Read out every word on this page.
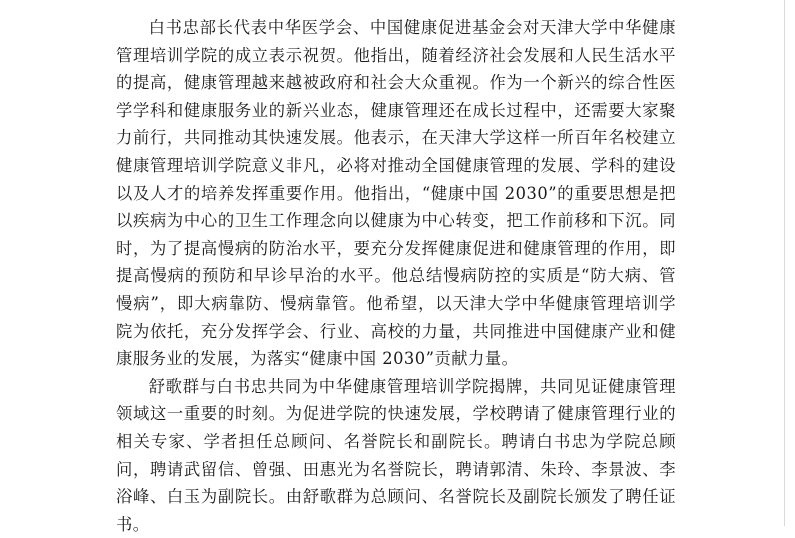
白书忠部长代表中华医学会、中国健康促进基金会对天津大学中华健康管理培训学院的成立表示祝贺。他指出，随着经济社会发展和人民生活水平的提高，健康管理越来越被政府和社会大众重视。作为一个新兴的综合性医学学科和健康服务业的新兴业态，健康管理还在成长过程中，还需要大家聚力前行，共同推动其快速发展。他表示，在天津大学这样一所百年名校建立健康管理培训学院意义非凡，必将对推动全国健康管理的发展、学科的建设以及人才的培养发挥重要作用。他指出，“健康中国 2030”的重要思想是把以疾病为中心的卫生工作理念向以健康为中心转变，把工作前移和下沉。同时，为了提高慢病的防治水平，要充分发挥健康促进和健康管理的作用，即提高慢病的预防和早诊早治的水平。他总结慢病防控的实质是“防大病、管慢病”，即大病靠防、慢病靠管。他希望，以天津大学中华健康管理培训学院为依托，充分发挥学会、行业、高校的力量，共同推进中国健康产业和健康服务业的发展，为落实“健康中国 2030”贡献力量。

舒歌群与白书忠共同为中华健康管理培训学院揭牌，共同见证健康管理领域这一重要的时刻。为促进学院的快速发展，学校聘请了健康管理行业的相关专家、学者担任总顾问、名誉院长和副院长。聘请白书忠为学院总顾问，聘请武留信、曾强、田惠光为名誉院长，聘请郭清、朱玲、李景波、李浴峰、白玉为副院长。由舒歌群为总顾问、名誉院长及副院长颁发了聘任证书。
